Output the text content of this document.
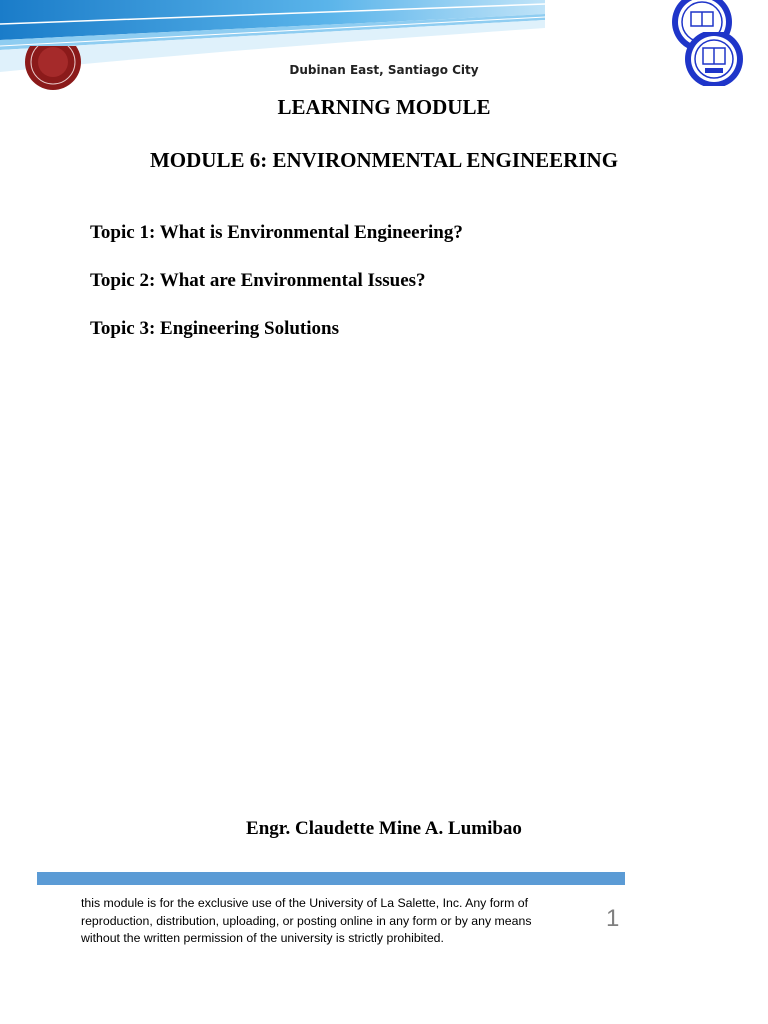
Dubinan East, Santiago City
LEARNING MODULE
MODULE 6: ENVIRONMENTAL ENGINEERING
Topic 1: What is Environmental Engineering?
Topic 2: What are Environmental Issues?
Topic 3: Engineering Solutions
Engr. Claudette Mine A. Lumibao
this module is for the exclusive use of the University of La Salette, Inc. Any form of
reproduction, distribution, uploading, or posting online in any form or by any means
without the written permission of the university is strictly prohibited.
1
